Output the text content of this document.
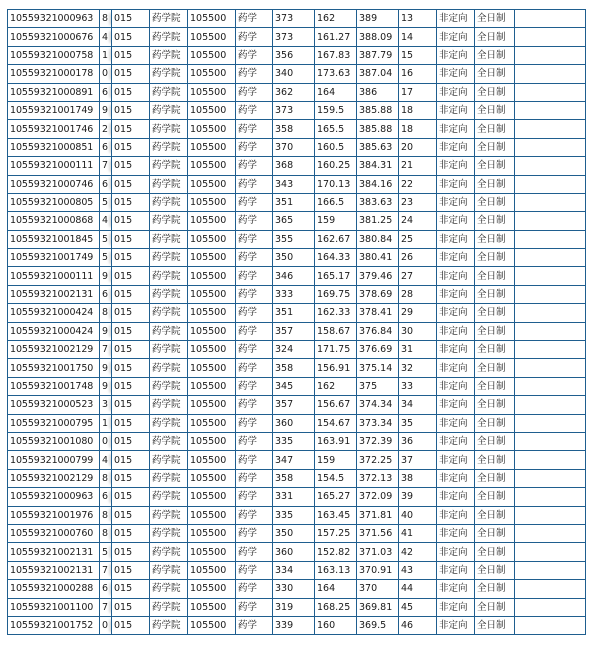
10559321000963	8	015	药学院	105500	药学	373	162	389	13	非定向	全日制	
10559321000676	4	015	药学院	105500	药学	373	161.27	388.09	14	非定向	全日制	
10559321000758	1	015	药学院	105500	药学	356	167.83	387.79	15	非定向	全日制	
10559321000178	0	015	药学院	105500	药学	340	173.63	387.04	16	非定向	全日制	
10559321000891	6	015	药学院	105500	药学	362	164	386	17	非定向	全日制	
10559321001749	9	015	药学院	105500	药学	373	159.5	385.88	18	非定向	全日制	
10559321001746	2	015	药学院	105500	药学	358	165.5	385.88	18	非定向	全日制	
10559321000851	6	015	药学院	105500	药学	370	160.5	385.63	20	非定向	全日制	
10559321000111	7	015	药学院	105500	药学	368	160.25	384.31	21	非定向	全日制	
10559321000746	6	015	药学院	105500	药学	343	170.13	384.16	22	非定向	全日制	
10559321000805	5	015	药学院	105500	药学	351	166.5	383.63	23	非定向	全日制	
10559321000868	4	015	药学院	105500	药学	365	159	381.25	24	非定向	全日制	
10559321001845	5	015	药学院	105500	药学	355	162.67	380.84	25	非定向	全日制	
10559321001749	5	015	药学院	105500	药学	350	164.33	380.41	26	非定向	全日制	
10559321000111	9	015	药学院	105500	药学	346	165.17	379.46	27	非定向	全日制	
10559321002131	6	015	药学院	105500	药学	333	169.75	378.69	28	非定向	全日制	
10559321000424	8	015	药学院	105500	药学	351	162.33	378.41	29	非定向	全日制	
10559321000424	9	015	药学院	105500	药学	357	158.67	376.84	30	非定向	全日制	
10559321002129	7	015	药学院	105500	药学	324	171.75	376.69	31	非定向	全日制	
10559321001750	9	015	药学院	105500	药学	358	156.91	375.14	32	非定向	全日制	
10559321001748	9	015	药学院	105500	药学	345	162	375	33	非定向	全日制	
10559321000523	3	015	药学院	105500	药学	357	156.67	374.34	34	非定向	全日制	
10559321000795	1	015	药学院	105500	药学	360	154.67	373.34	35	非定向	全日制	
10559321001080	0	015	药学院	105500	药学	335	163.91	372.39	36	非定向	全日制	
10559321000799	4	015	药学院	105500	药学	347	159	372.25	37	非定向	全日制	
10559321002129	8	015	药学院	105500	药学	358	154.5	372.13	38	非定向	全日制	
10559321000963	6	015	药学院	105500	药学	331	165.27	372.09	39	非定向	全日制	
10559321001976	8	015	药学院	105500	药学	335	163.45	371.81	40	非定向	全日制	
10559321000760	8	015	药学院	105500	药学	350	157.25	371.56	41	非定向	全日制	
10559321002131	5	015	药学院	105500	药学	360	152.82	371.03	42	非定向	全日制	
10559321002131	7	015	药学院	105500	药学	334	163.13	370.91	43	非定向	全日制	
10559321000288	6	015	药学院	105500	药学	330	164	370	44	非定向	全日制	
10559321001100	7	015	药学院	105500	药学	319	168.25	369.81	45	非定向	全日制	
10559321001752	0	015	药学院	105500	药学	339	160	369.5	46	非定向	全日制	
